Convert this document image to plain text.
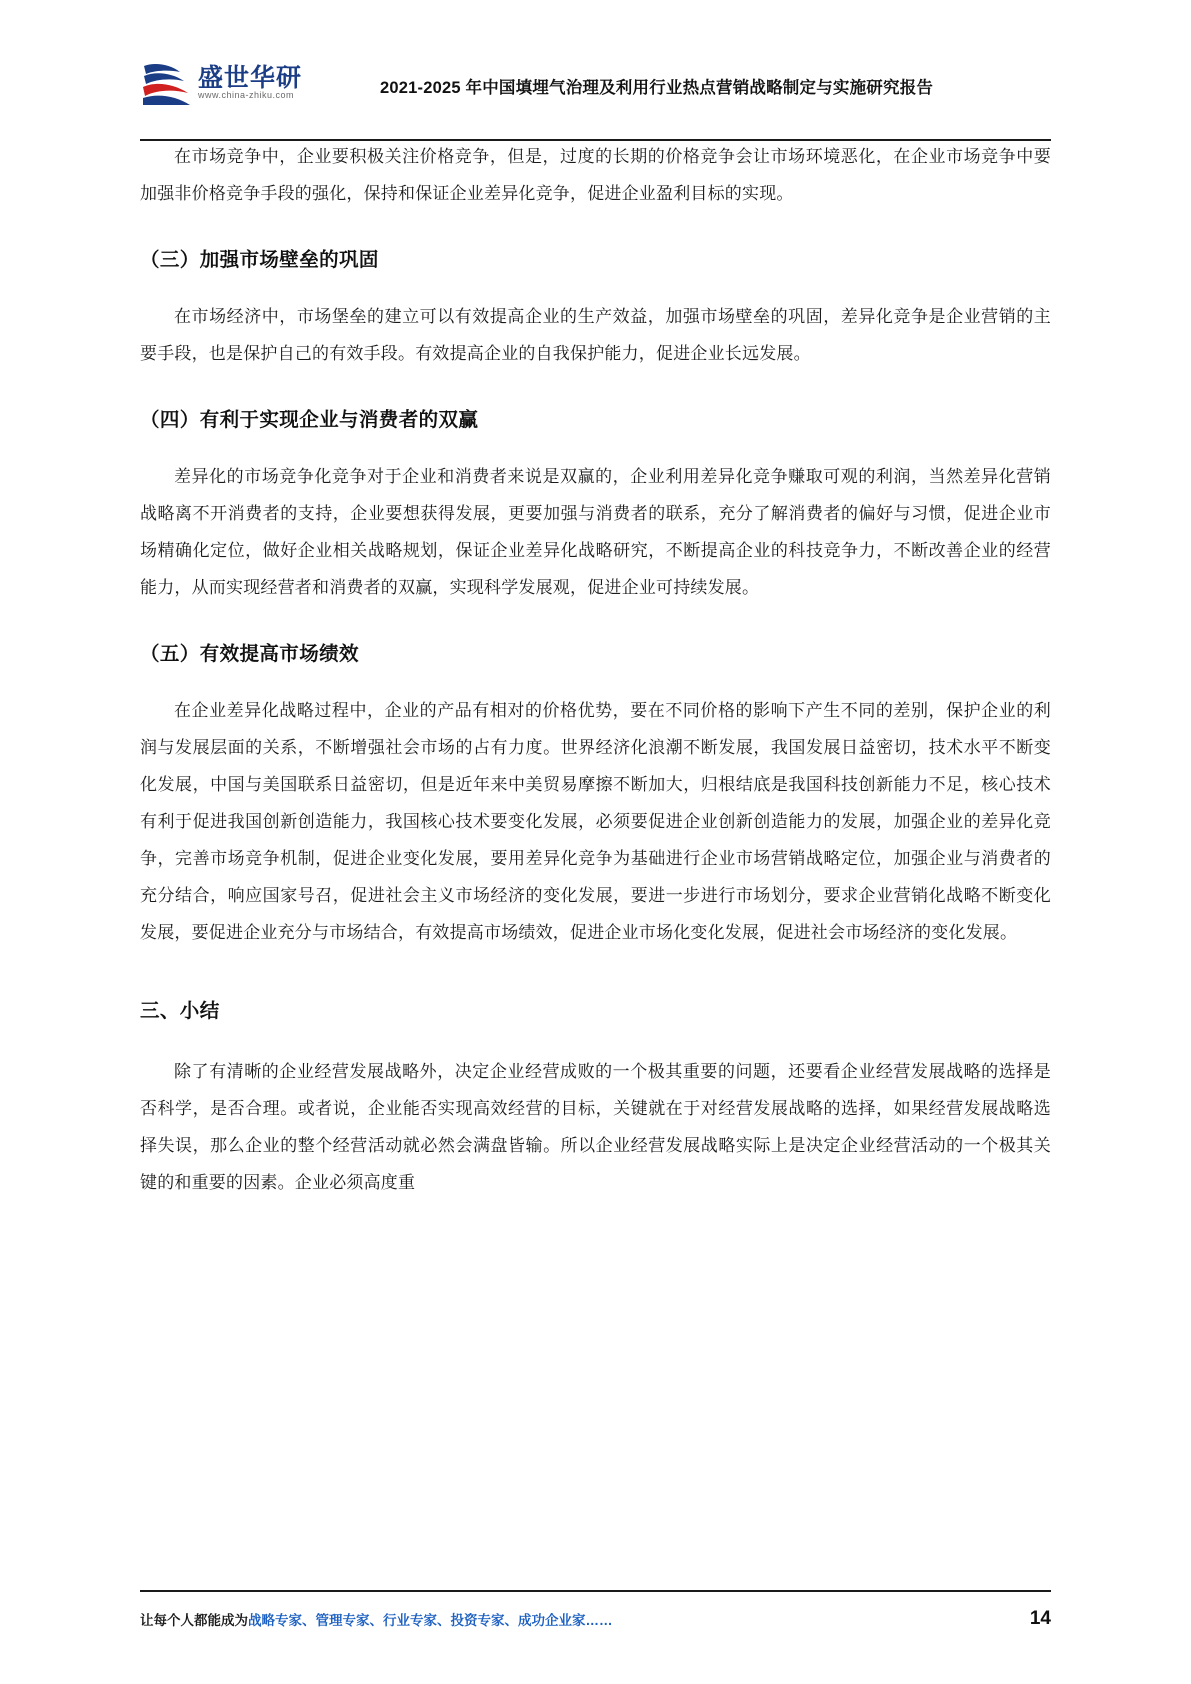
盛世华研
www.china-zhiku.com	2021-2025 年中国填埋气治理及利用行业热点营销战略制定与实施研究报告

在市场竞争中，企业要积极关注价格竞争，但是，过度的长期的价格竞争会让市场环境恶化，在企业市场竞争中要加强非价格竞争手段的强化，保持和保证企业差异化竞争，促进企业盈利目标的实现。

（三）加强市场壁垒的巩固

在市场经济中，市场堡垒的建立可以有效提高企业的生产效益，加强市场壁垒的巩固，差异化竞争是企业营销的主要手段，也是保护自己的有效手段。有效提高企业的自我保护能力，促进企业长远发展。

（四）有利于实现企业与消费者的双赢

差异化的市场竞争化竞争对于企业和消费者来说是双赢的，企业利用差异化竞争赚取可观的利润，当然差异化营销战略离不开消费者的支持，企业要想获得发展，更要加强与消费者的联系，充分了解消费者的偏好与习惯，促进企业市场精确化定位，做好企业相关战略规划，保证企业差异化战略研究，不断提高企业的科技竞争力，不断改善企业的经营能力，从而实现经营者和消费者的双赢，实现科学发展观，促进企业可持续发展。

（五）有效提高市场绩效

在企业差异化战略过程中，企业的产品有相对的价格优势，要在不同价格的影响下产生不同的差别，保护企业的利润与发展层面的关系，不断增强社会市场的占有力度。世界经济化浪潮不断发展，我国发展日益密切，技术水平不断变化发展，中国与美国联系日益密切，但是近年来中美贸易摩擦不断加大，归根结底是我国科技创新能力不足，核心技术有利于促进我国创新创造能力，我国核心技术要变化发展，必须要促进企业创新创造能力的发展，加强企业的差异化竞争，完善市场竞争机制，促进企业变化发展，要用差异化竞争为基础进行企业市场营销战略定位，加强企业与消费者的充分结合，响应国家号召，促进社会主义市场经济的变化发展，要进一步进行市场划分，要求企业营销化战略不断变化发展，要促进企业充分与市场结合，有效提高市场绩效，促进企业市场化变化发展，促进社会市场经济的变化发展。

三、小结

除了有清晰的企业经营发展战略外，决定企业经营成败的一个极其重要的问题，还要看企业经营发展战略的选择是否科学，是否合理。或者说，企业能否实现高效经营的目标，关键就在于对经营发展战略的选择，如果经营发展战略选择失误，那么企业的整个经营活动就必然会满盘皆输。所以企业经营发展战略实际上是决定企业经营活动的一个极其关键的和重要的因素。企业必须高度重

让每个人都能成为战略专家、管理专家、行业专家、投资专家、成功企业家……	14
